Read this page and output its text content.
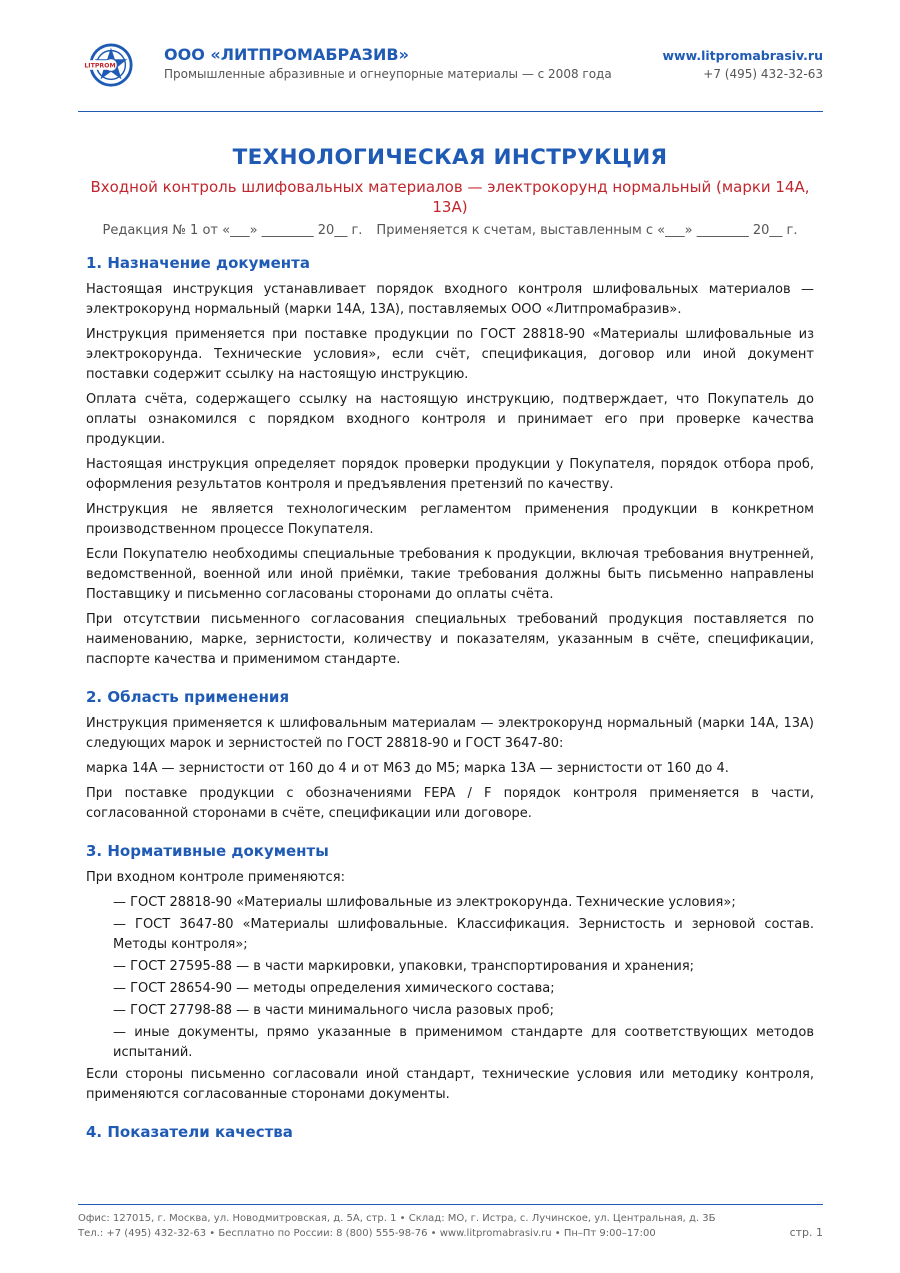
LITPROM
ООО «ЛИТПРОМАБРАЗИВ»
Промышленные абразивные и огнеупорные материалы — с 2008 года
www.litpromabrasiv.ru
+7 (495) 432-32-63
ТЕХНОЛОГИЧЕСКАЯ ИНСТРУКЦИЯ
Входной контроль шлифовальных материалов — электрокорунд нормальный (марки 14А, 13А)
Редакция № 1 от «___» ________ 20__ г. Применяется к счетам, выставленным с «___» ________ 20__ г.
1. Назначение документа

Настоящая инструкция устанавливает порядок входного контроля шлифовальных материалов — электрокорунд нормальный (марки 14А, 13А), поставляемых ООО «Литпромабразив».

Инструкция применяется при поставке продукции по ГОСТ 28818-90 «Материалы шлифовальные из электрокорунда. Технические условия», если счёт, спецификация, договор или иной документ поставки содержит ссылку на настоящую инструкцию.

Оплата счёта, содержащего ссылку на настоящую инструкцию, подтверждает, что Покупатель до оплаты ознакомился с порядком входного контроля и принимает его при проверке качества продукции.

Настоящая инструкция определяет порядок проверки продукции у Покупателя, порядок отбора проб, оформления результатов контроля и предъявления претензий по качеству.

Инструкция не является технологическим регламентом применения продукции в конкретном производственном процессе Покупателя.

Если Покупателю необходимы специальные требования к продукции, включая требования внутренней, ведомственной, военной или иной приёмки, такие требования должны быть письменно направлены Поставщику и письменно согласованы сторонами до оплаты счёта.

При отсутствии письменного согласования специальных требований продукция поставляется по наименованию, марке, зернистости, количеству и показателям, указанным в счёте, спецификации, паспорте качества и применимом стандарте.

2. Область применения

Инструкция применяется к шлифовальным материалам — электрокорунд нормальный (марки 14А, 13А) следующих марок и зернистостей по ГОСТ 28818-90 и ГОСТ 3647-80:

марка 14А — зернистости от 160 до 4 и от М63 до М5; марка 13А — зернистости от 160 до 4.

При поставке продукции с обозначениями FEPA / F порядок контроля применяется в части, согласованной сторонами в счёте, спецификации или договоре.

3. Нормативные документы

При входном контроле применяются:

— ГОСТ 28818-90 «Материалы шлифовальные из электрокорунда. Технические условия»;
— ГОСТ 3647-80 «Материалы шлифовальные. Классификация. Зернистость и зерновой состав. Методы контроля»;
— ГОСТ 27595-88 — в части маркировки, упаковки, транспортирования и хранения;
— ГОСТ 28654-90 — методы определения химического состава;
— ГОСТ 27798-88 — в части минимального числа разовых проб;
— иные документы, прямо указанные в применимом стандарте для соответствующих методов испытаний.

Если стороны письменно согласовали иной стандарт, технические условия или методику контроля, применяются согласованные сторонами документы.

4. Показатели качества
Офис: 127015, г. Москва, ул. Новодмитровская, д. 5А, стр. 1 • Склад: МО, г. Истра, с. Лучинское, ул. Центральная, д. 3Б
Тел.: +7 (495) 432-32-63 • Бесплатно по России: 8 (800) 555-98-76 • www.litpromabrasiv.ru • Пн–Пт 9:00–17:00	стр. 1
